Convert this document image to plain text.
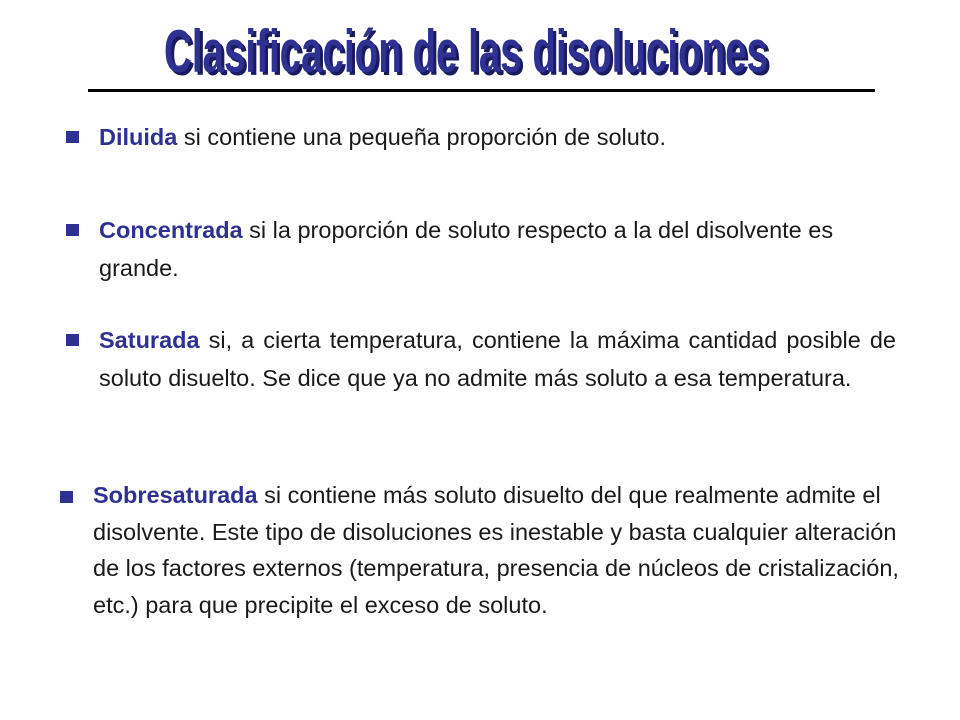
Clasificación de las disoluciones
Clasificación de las disoluciones
Diluida si contiene una pequeña proporción de soluto.
Concentrada si la proporción de soluto respecto a la del disolvente es grande.
Saturada si, a cierta temperatura, contiene la máxima cantidad posible de soluto disuelto. Se dice que ya no admite más soluto a esa temperatura.
Sobresaturada si contiene más soluto disuelto del que realmente admite el disolvente. Este tipo de disoluciones es inestable y basta cualquier alteración de los factores externos (temperatura, presencia de núcleos de cristalización, etc.) para que precipite el exceso de soluto.
